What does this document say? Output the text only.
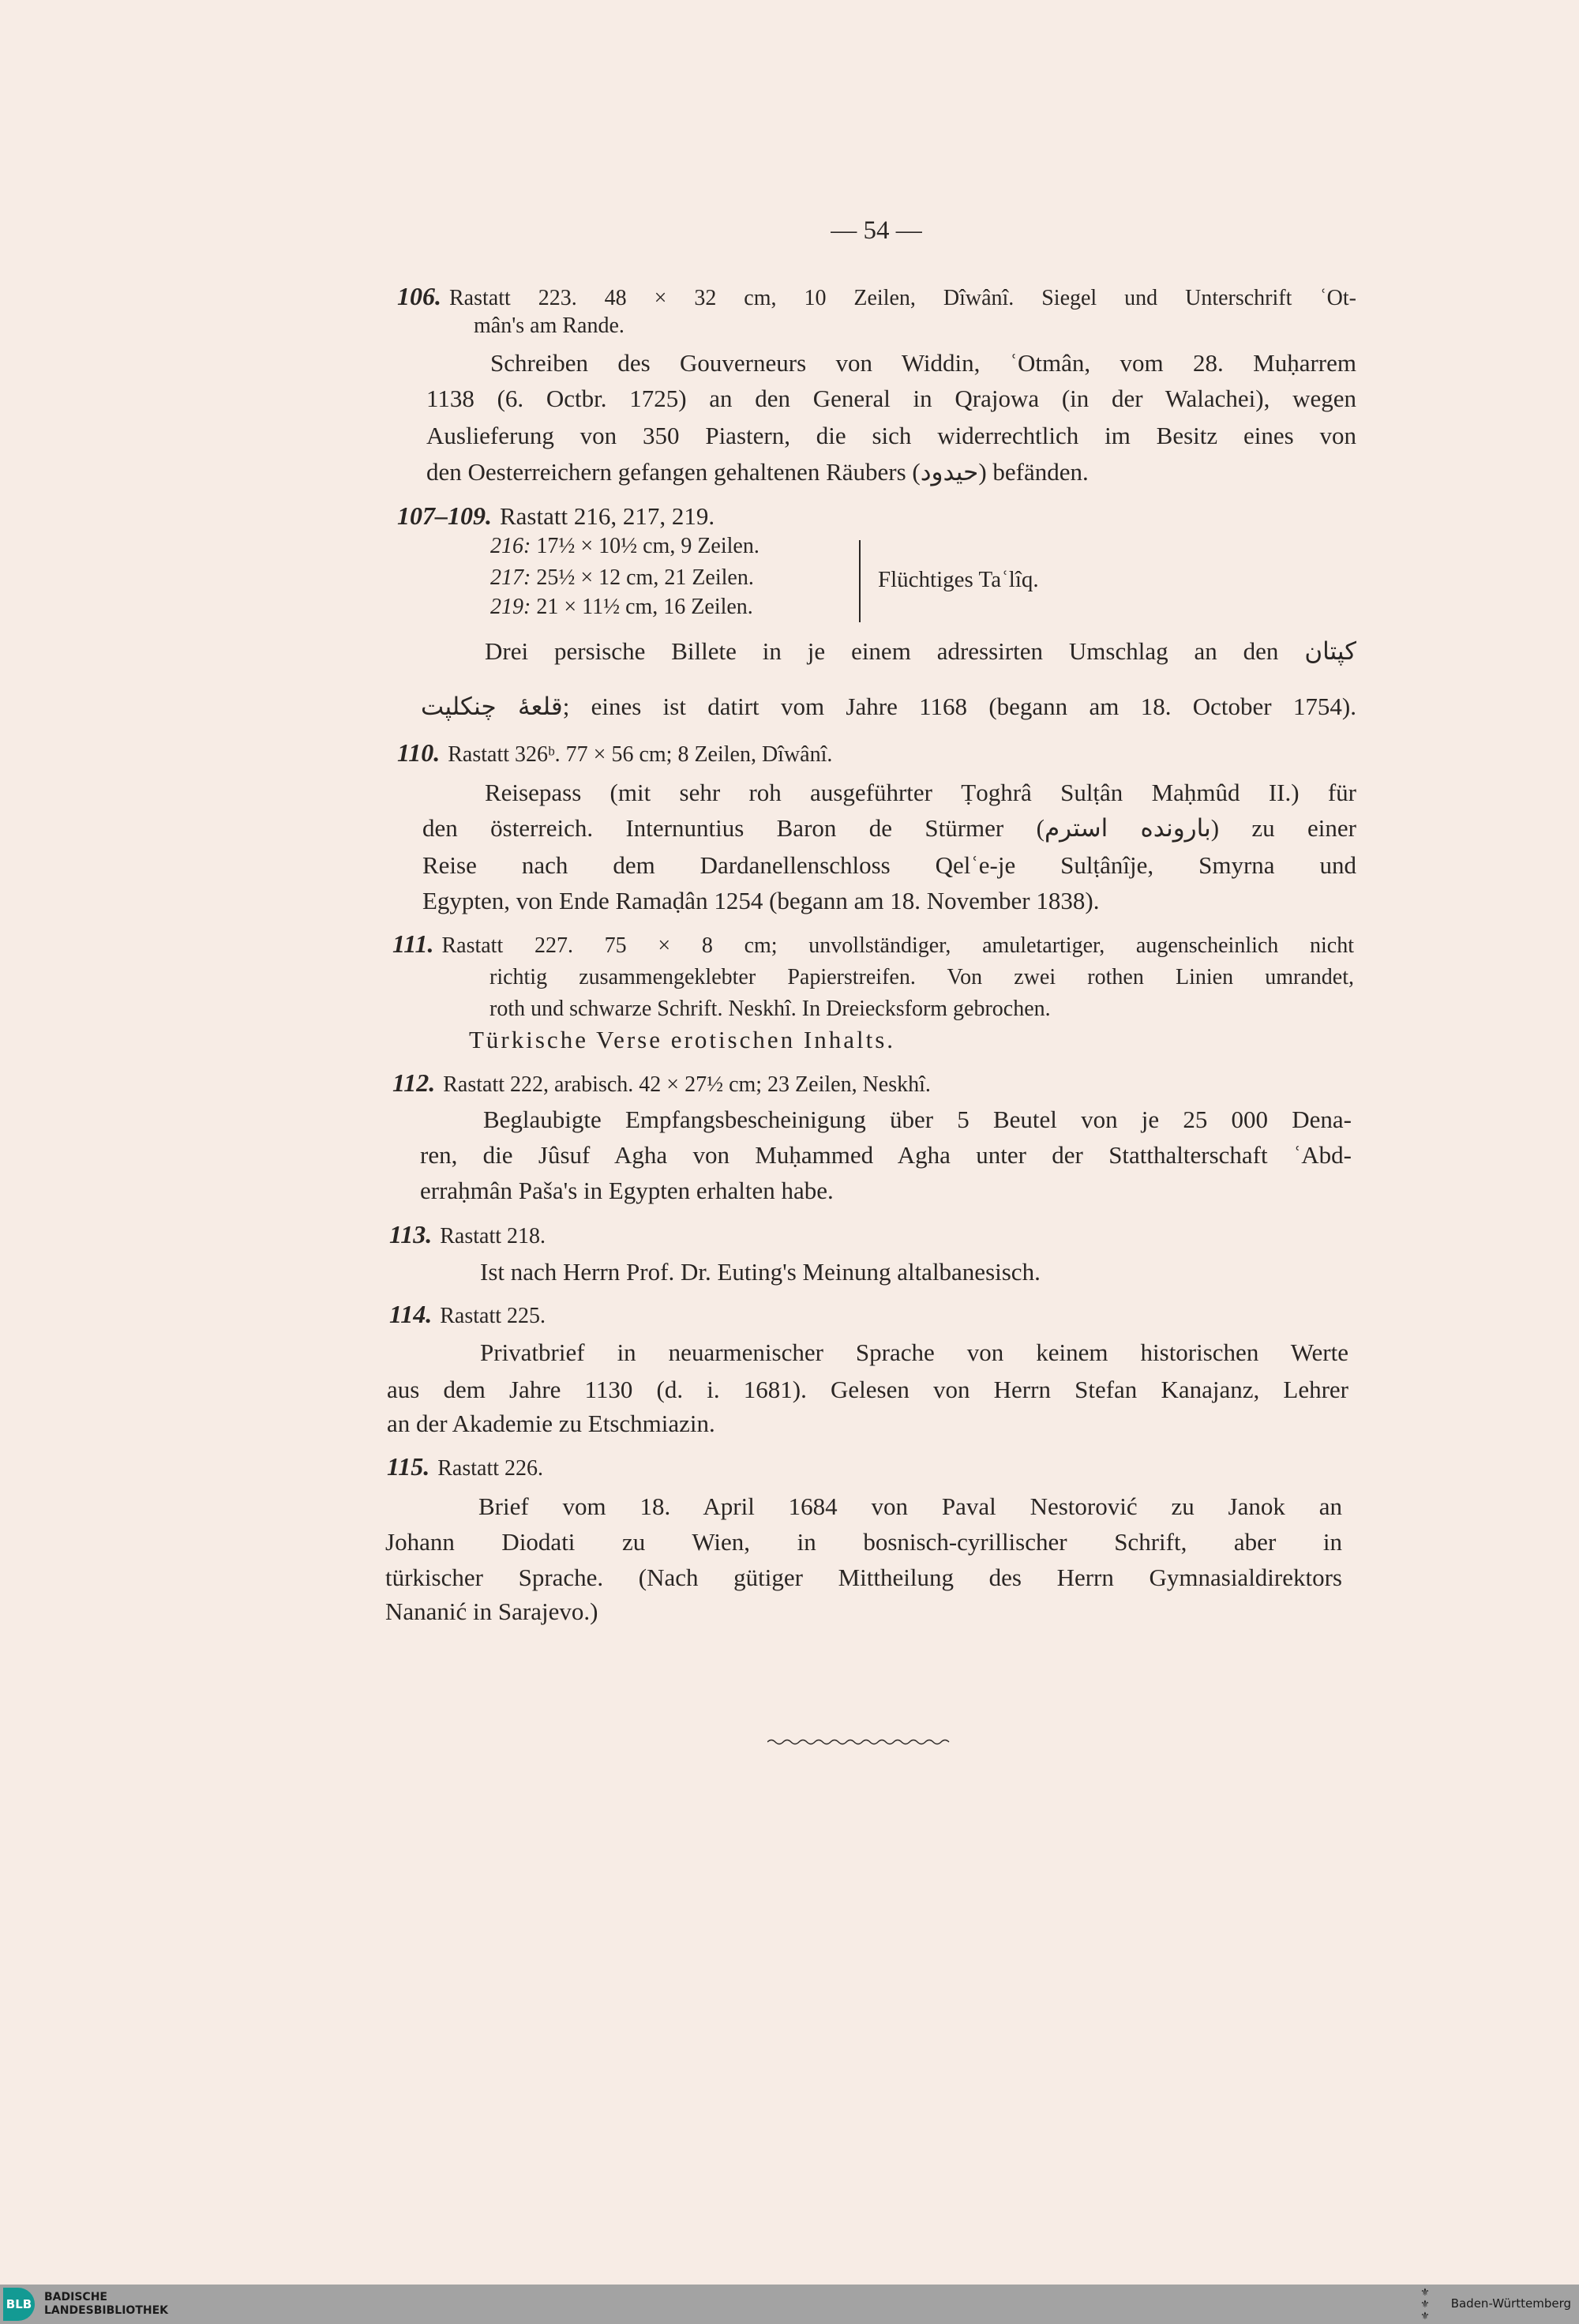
— 54 —
106. Rastatt 223. 48 × 32 cm, 10 Zeilen, Dîwânî. Siegel und Unterschrift ʿOt-
mân's am Rande.
Schreiben des Gouverneurs von Widdin, ʿOtmân, vom 28. Muḥarrem
1138 (6. Octbr. 1725) an den General in Qrajowa (in der Walachei), wegen
Auslieferung von 350 Piastern, die sich widerrechtlich im Besitz eines von
den Oesterreichern gefangen gehaltenen Räubers (حيدود) befänden.
107–109. Rastatt 216, 217, 219.
216: 17½ × 10½ cm, 9 Zeilen.
217: 25½ × 12 cm, 21 Zeilen.
219: 21 × 11½ cm, 16 Zeilen.
Flüchtiges Taʿlîq.
Drei persische Billete in je einem adressirten Umschlag an den كپتان
قلعۀ چنكلپت; eines ist datirt vom Jahre 1168 (begann am 18. October 1754).
110. Rastatt 326ᵇ. 77 × 56 cm; 8 Zeilen, Dîwânî.
Reisepass (mit sehr roh ausgeführter Ṭoghrâ Sulṭân Maḥmûd II.) für
den österreich. Internuntius Baron de Stürmer (بارونده استرم) zu einer
Reise nach dem Dardanellenschloss Qelʿe-je Sulṭânîje, Smyrna und
Egypten, von Ende Ramaḍân 1254 (begann am 18. November 1838).
111. Rastatt 227. 75 × 8 cm; unvollständiger, amuletartiger, augenscheinlich nicht
richtig zusammengeklebter Papierstreifen. Von zwei rothen Linien umrandet,
roth und schwarze Schrift. Neskhî. In Dreiecksform gebrochen.
Türkische Verse erotischen Inhalts.
112. Rastatt 222, arabisch. 42 × 27½ cm; 23 Zeilen, Neskhî.
Beglaubigte Empfangsbescheinigung über 5 Beutel von je 25 000 Dena-
ren, die Jûsuf Agha von Muḥammed Agha unter der Statthalterschaft ʿAbd-
erraḥmân Paša's in Egypten erhalten habe.
113. Rastatt 218.
Ist nach Herrn Prof. Dr. Euting's Meinung altalbanesisch.
114. Rastatt 225.
Privatbrief in neuarmenischer Sprache von keinem historischen Werte
aus dem Jahre 1130 (d. i. 1681). Gelesen von Herrn Stefan Kanajanz, Lehrer
an der Akademie zu Etschmiazin.
115. Rastatt 226.
Brief vom 18. April 1684 von Paval Nestorović zu Janok an
Johann Diodati zu Wien, in bosnisch-cyrillischer Schrift, aber in
türkischer Sprache. (Nach gütiger Mittheilung des Herrn Gymnasialdirektors
Nananić in Sarajevo.)
BLB BADISCHE
LANDESBIBLIOTHEK
⚜
⚜
⚜
Baden-Württemberg
